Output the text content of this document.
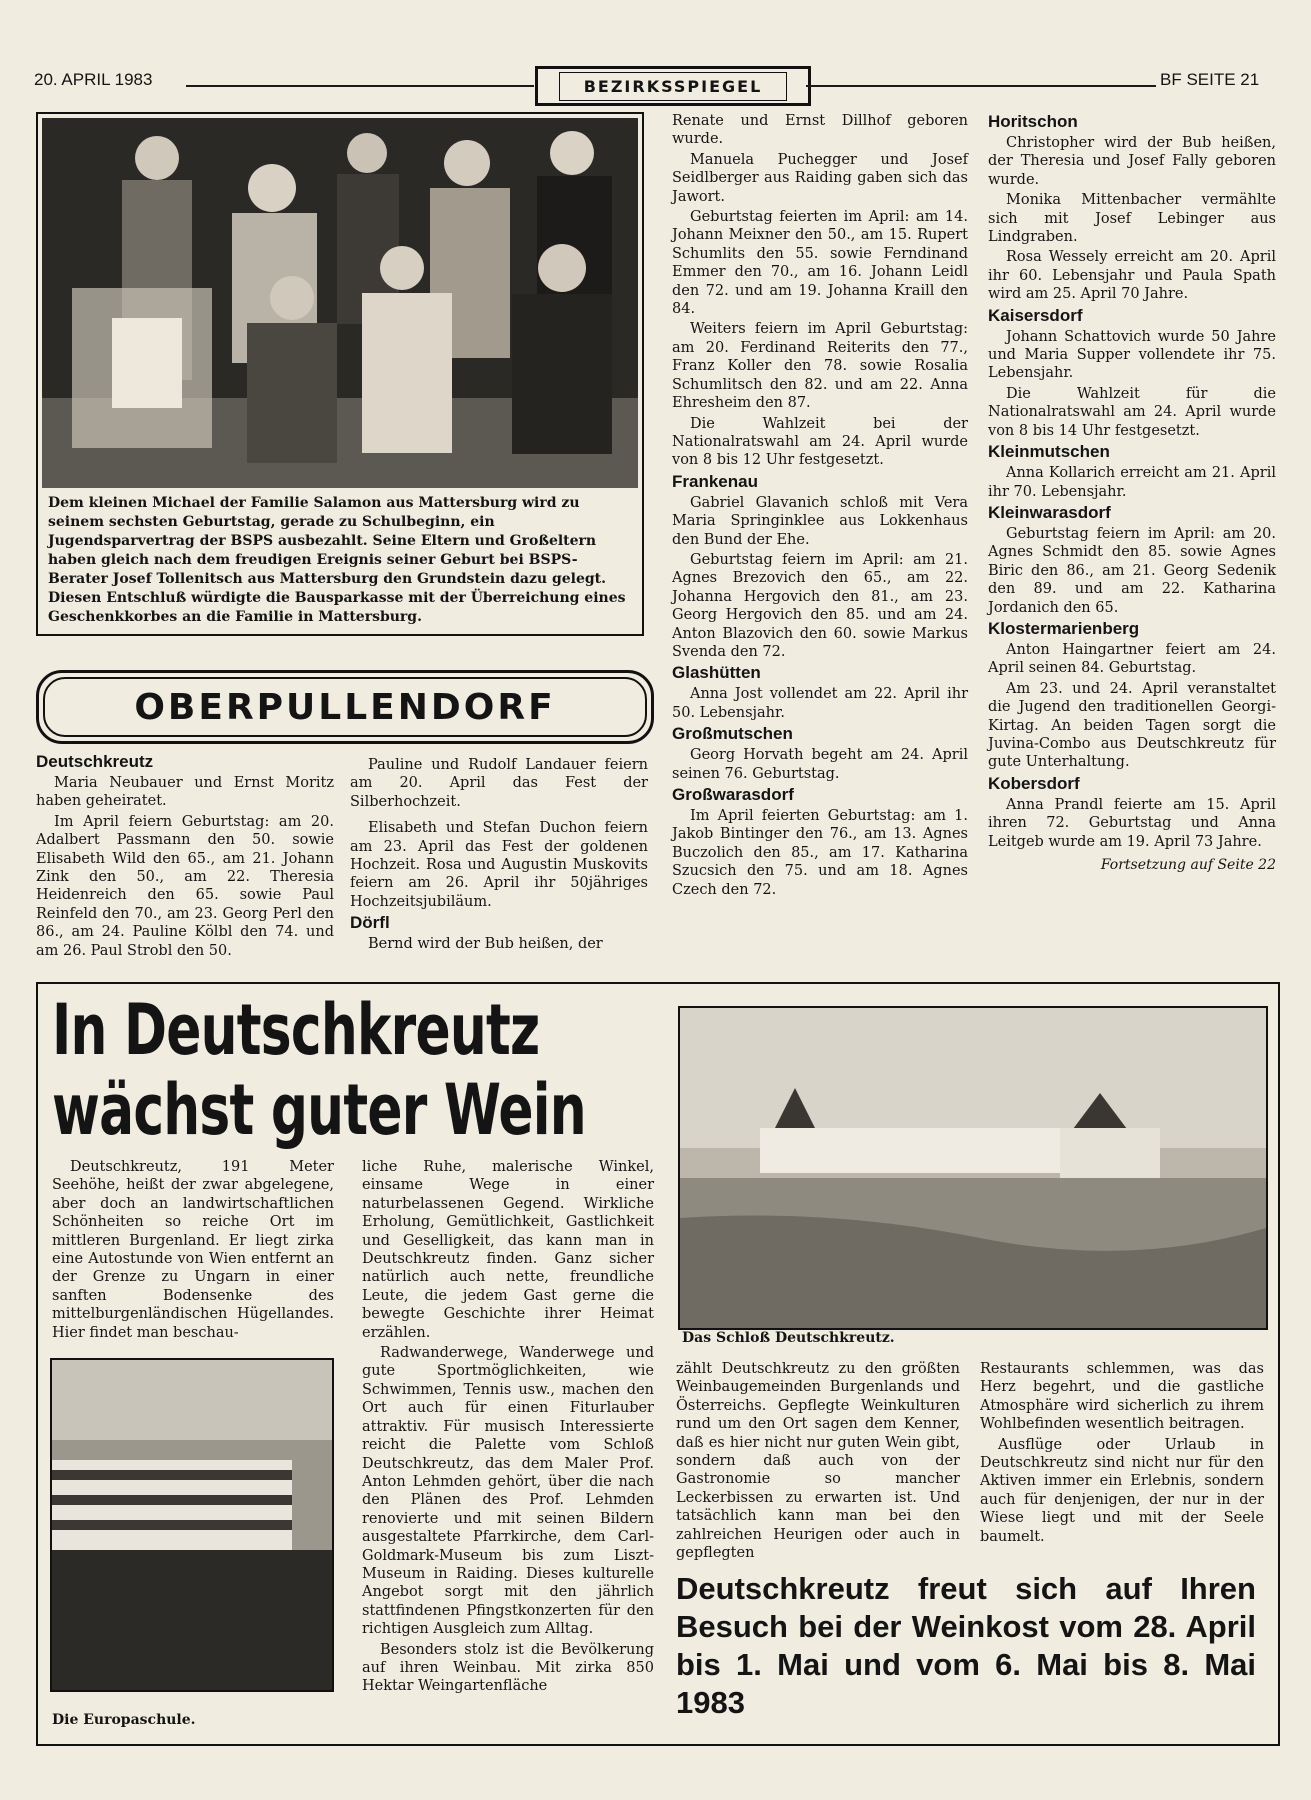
20. APRIL 1983	BEZIRKSSPIEGEL	BF SEITE 21
Dem kleinen Michael der Familie Salamon aus Mattersburg wird zu seinem sechsten Geburtstag, gerade zu Schulbeginn, ein Jugendsparvertrag der BSPS ausbezahlt. Seine Eltern und Großeltern haben gleich nach dem freudigen Ereignis seiner Geburt bei BSPS-Berater Josef Tollenitsch aus Mattersburg den Grundstein dazu gelegt. Diesen Entschluß würdigte die Bausparkasse mit der Überreichung eines Geschenkkorbes an die Familie in Mattersburg.
OBERPULLENDORF

Deutschkreutz

Maria Neubauer und Ernst Moritz haben geheiratet.

Im April feiern Geburtstag: am 20. Adalbert Passmann den 50. sowie Elisabeth Wild den 65., am 21. Johann Zink den 50., am 22. Theresia Heidenreich den 65. sowie Paul Reinfeld den 70., am 23. Georg Perl den 86., am 24. Pauline Kölbl den 74. und am 26. Paul Strobl den 50.

Pauline und Rudolf Landauer feiern am 20. April das Fest der Silberhochzeit.

Elisabeth und Stefan Duchon feiern am 23. April das Fest der goldenen Hochzeit. Rosa und Augustin Muskovits feiern am 26. April ihr 50jähriges Hochzeitsjubiläum.

Dörfl

Bernd wird der Bub heißen, der

Renate und Ernst Dillhof geboren wurde.

Manuela Puchegger und Josef Seidlberger aus Raiding gaben sich das Jawort.

Geburtstag feierten im April: am 14. Johann Meixner den 50., am 15. Rupert Schumlits den 55. sowie Ferndinand Emmer den 70., am 16. Johann Leidl den 72. und am 19. Johanna Kraill den 84.

Weiters feiern im April Geburtstag: am 20. Ferdinand Reiterits den 77., Franz Koller den 78. sowie Rosalia Schumlitsch den 82. und am 22. Anna Ehresheim den 87.

Die Wahlzeit bei der Nationalratswahl am 24. April wurde von 8 bis 12 Uhr festgesetzt.

Frankenau

Gabriel Glavanich schloß mit Vera Maria Springinklee aus Lokkenhaus den Bund der Ehe.

Geburtstag feiern im April: am 21. Agnes Brezovich den 65., am 22. Johanna Hergovich den 81., am 23. Georg Hergovich den 85. und am 24. Anton Blazovich den 60. sowie Markus Svenda den 72.

Glashütten

Anna Jost vollendet am 22. April ihr 50. Lebensjahr.

Großmutschen

Georg Horvath begeht am 24. April seinen 76. Geburtstag.

Großwarasdorf

Im April feierten Geburtstag: am 1. Jakob Bintinger den 76., am 13. Agnes Buczolich den 85., am 17. Katharina Szucsich den 75. und am 18. Agnes Czech den 72.

Horitschon

Christopher wird der Bub heißen, der Theresia und Josef Fally geboren wurde.

Monika Mittenbacher vermählte sich mit Josef Lebinger aus Lindgraben.

Rosa Wessely erreicht am 20. April ihr 60. Lebensjahr und Paula Spath wird am 25. April 70 Jahre.

Kaisersdorf

Johann Schattovich wurde 50 Jahre und Maria Supper vollendete ihr 75. Lebensjahr.

Die Wahlzeit für die Nationalratswahl am 24. April wurde von 8 bis 14 Uhr festgesetzt.

Kleinmutschen

Anna Kollarich erreicht am 21. April ihr 70. Lebensjahr.

Kleinwarasdorf

Geburtstag feiern im April: am 20. Agnes Schmidt den 85. sowie Agnes Biric den 86., am 21. Georg Sedenik den 89. und am 22. Katharina Jordanich den 65.

Klostermarienberg

Anton Haingartner feiert am 24. April seinen 84. Geburtstag.

Am 23. und 24. April veranstaltet die Jugend den traditionellen Georgi-Kirtag. An beiden Tagen sorgt die Juvina-Combo aus Deutschkreutz für gute Unterhaltung.

Kobersdorf

Anna Prandl feierte am 15. April ihren 72. Geburtstag und Anna Leitgeb wurde am 19. April 73 Jahre.

Fortsetzung auf Seite 22

In Deutschkreutz
wächst guter Wein
Das Schloß Deutschkreutz.
Die Europaschule.

Deutschkreutz, 191 Meter Seehöhe, heißt der zwar abgelegene, aber doch an landwirtschaftlichen Schönheiten so reiche Ort im mittleren Burgenland. Er liegt zirka eine Autostunde von Wien entfernt an der Grenze zu Ungarn in einer sanften Bodensenke des mittelburgenländischen Hügellandes. Hier findet man beschau-

liche Ruhe, malerische Winkel, einsame Wege in einer naturbelassenen Gegend. Wirkliche Erholung, Gemütlichkeit, Gastlichkeit und Geselligkeit, das kann man in Deutschkreutz finden. Ganz sicher natürlich auch nette, freundliche Leute, die jedem Gast gerne die bewegte Geschichte ihrer Heimat erzählen.

Radwanderwege, Wanderwege und gute Sportmöglichkeiten, wie Schwimmen, Tennis usw., machen den Ort auch für einen Fiturlauber attraktiv. Für musisch Interessierte reicht die Palette vom Schloß Deutschkreutz, das dem Maler Prof. Anton Lehmden gehört, über die nach den Plänen des Prof. Lehmden renovierte und mit seinen Bildern ausgestaltete Pfarrkirche, dem Carl-Goldmark-Museum bis zum Liszt-Museum in Raiding. Dieses kulturelle Angebot sorgt mit den jährlich stattfindenen Pfingstkonzerten für den richtigen Ausgleich zum Alltag.

Besonders stolz ist die Bevölkerung auf ihren Weinbau. Mit zirka 850 Hektar Weingartenfläche

zählt Deutschkreutz zu den größten Weinbaugemeinden Burgenlands und Österreichs. Gepflegte Weinkulturen rund um den Ort sagen dem Kenner, daß es hier nicht nur guten Wein gibt, sondern daß auch von der Gastronomie so mancher Leckerbissen zu erwarten ist. Und tatsächlich kann man bei den zahlreichen Heurigen oder auch in gepflegten

Restaurants schlemmen, was das Herz begehrt, und die gastliche Atmosphäre wird sicherlich zu ihrem Wohlbefinden wesentlich beitragen.

Ausflüge oder Urlaub in Deutschkreutz sind nicht nur für den Aktiven immer ein Erlebnis, sondern auch für denjenigen, der nur in der Wiese liegt und mit der Seele baumelt.

Deutschkreutz freut sich auf Ihren Besuch bei der Weinkost vom 28. April bis 1. Mai und vom 6. Mai bis 8. Mai 1983
